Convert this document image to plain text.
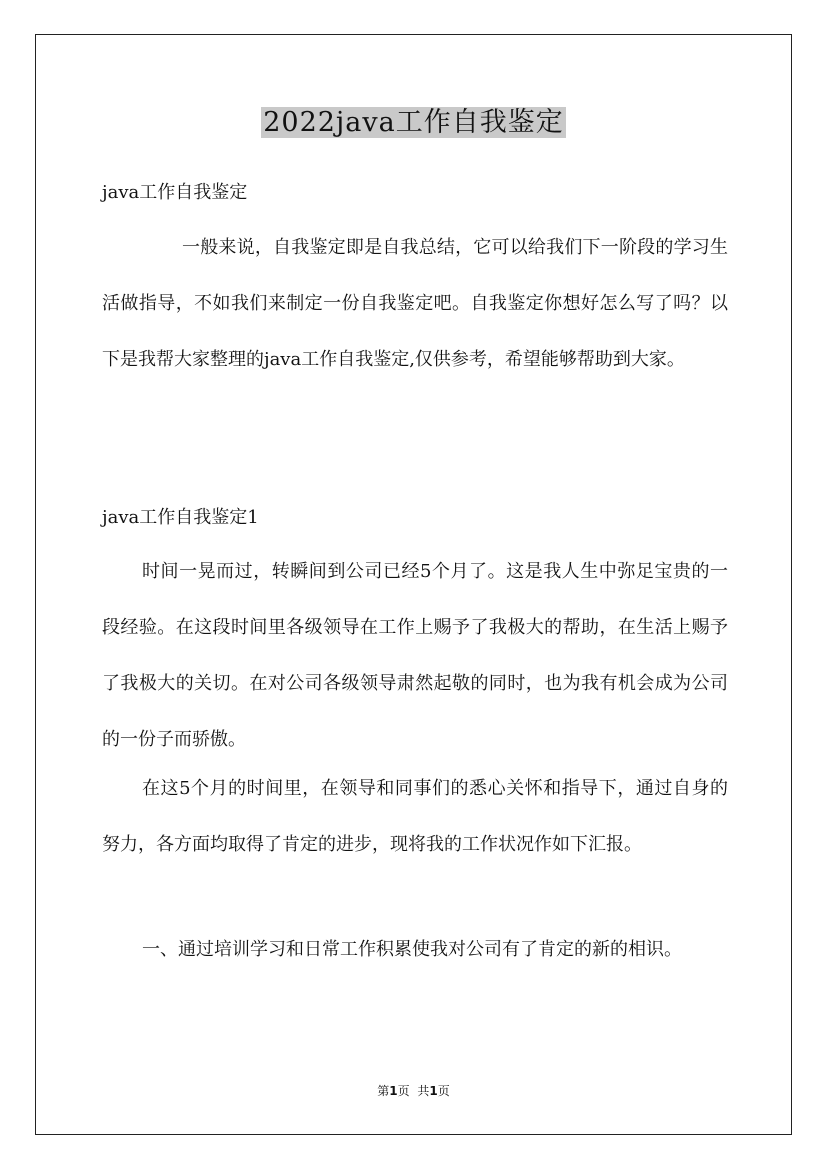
2022java工作自我鉴定
java工作自我鉴定
一般来说，自我鉴定即是自我总结，它可以给我们下一阶段的学习生活做指导，不如我们来制定一份自我鉴定吧。自我鉴定你想好怎么写了吗？以下是我帮大家整理的java工作自我鉴定,仅供参考，希望能够帮助到大家。
java工作自我鉴定1
时间一晃而过，转瞬间到公司已经5个月了。这是我人生中弥足宝贵的一段经验。在这段时间里各级领导在工作上赐予了我极大的帮助，在生活上赐予了我极大的关切。在对公司各级领导肃然起敬的同时，也为我有机会成为公司的一份子而骄傲。
在这5个月的时间里，在领导和同事们的悉心关怀和指导下，通过自身的努力，各方面均取得了肯定的进步，现将我的工作状况作如下汇报。
一、通过培训学习和日常工作积累使我对公司有了肯定的新的相识。
第1页 共1页
